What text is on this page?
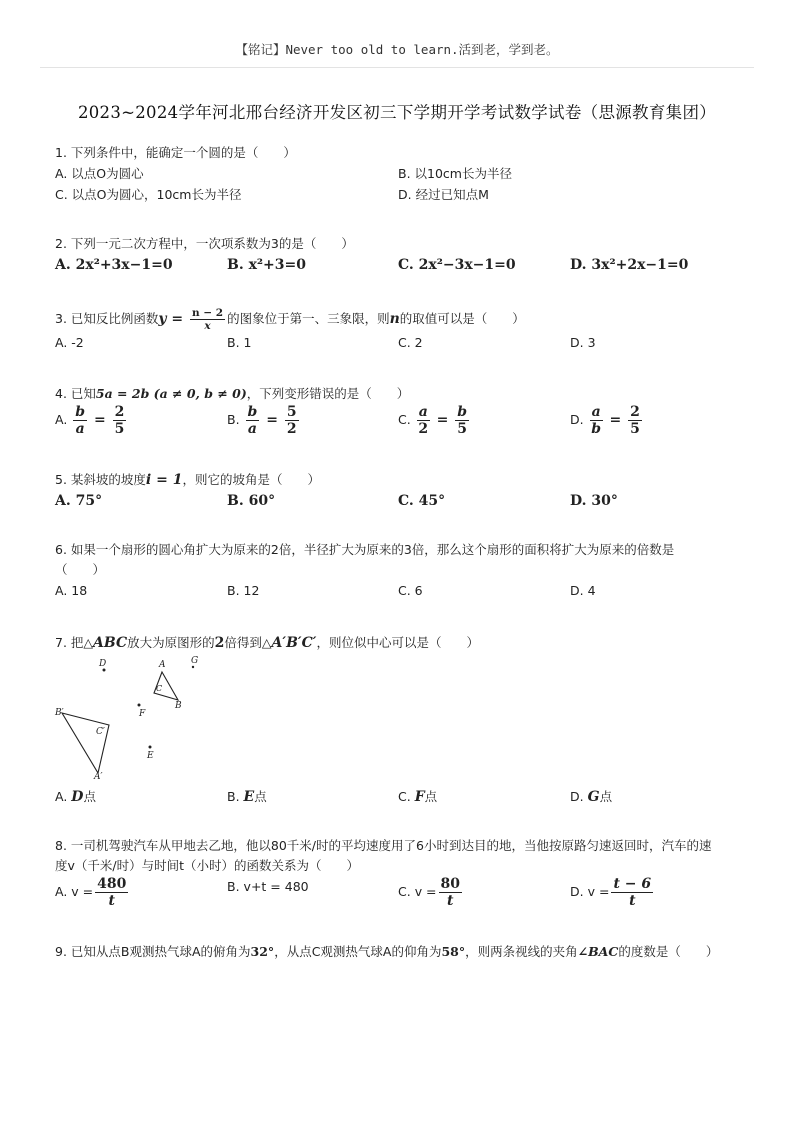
【铭记】Never too old to learn.活到老，学到老。
2023~2024学年河北邢台经济开发区初三下学期开学考试数学试卷（思源教育集团）
1. 下列条件中，能确定一个圆的是（　　）
A. 以点O为圆心	B. 以10cm长为半径
C. 以点O为圆心，10cm长为半径	D. 经过已知点M
2. 下列一元二次方程中，一次项系数为3的是（　　）
A. 2x²+3x−1=0	B. x²+3=0	C. 2x²−3x−1=0	D. 3x²+2x−1=0
3. 已知反比例函数$y = \frac{n - 2}{x}$ 的图象位于第一、三象限，则n的取值可以是（　　）
A. -2	B. 1	C. 2	D. 3
4. 已知5a = 2b (a ≠ 0, b ≠ 0)，下列变形错误的是（　　）
A. $\frac{b}{a} = \frac{2}{5}$	B. $\frac{b}{a} = \frac{5}{2}$	C. $\frac{a}{2} = \frac{b}{5}$	D. $\frac{a}{b} = \frac{2}{5}$
5. 某斜坡的坡度i = 1，则它的坡角是（　　）
A. 75°	B. 60°	C. 45°	D. 30°
6. 如果一个扇形的圆心角扩大为原来的2倍，半径扩大为原来的3倍，那么这个扇形的面积将扩大为原来的倍数是
（　　）
A. 18	B. 12	C. 6	D. 4
7. 把△ABC放大为原图形的2倍得到△A′B′C′，则位似中心可以是（　　）
D	A	G
C
B
B′	F
C′
E
A′
A. D点	B. E点	C. F点	D. G点
8. 一司机驾驶汽车从甲地去乙地，他以80千米/时的平均速度用了6小时到达目的地，当他按原路匀速返回时，汽车的速
度v（千米/时）与时间t（小时）的函数关系为（　　）
A. $v = \frac{480}{t}$	B. v+t = 480	C. $v = \frac{80}{t}$	D. $v = \frac{t - 6}{t}$
9. 已知从点B观测热气球A的俯角为32°，从点C观测热气球A的仰角为58°，则两条视线的夹角∠BAC的度数是（　　）
